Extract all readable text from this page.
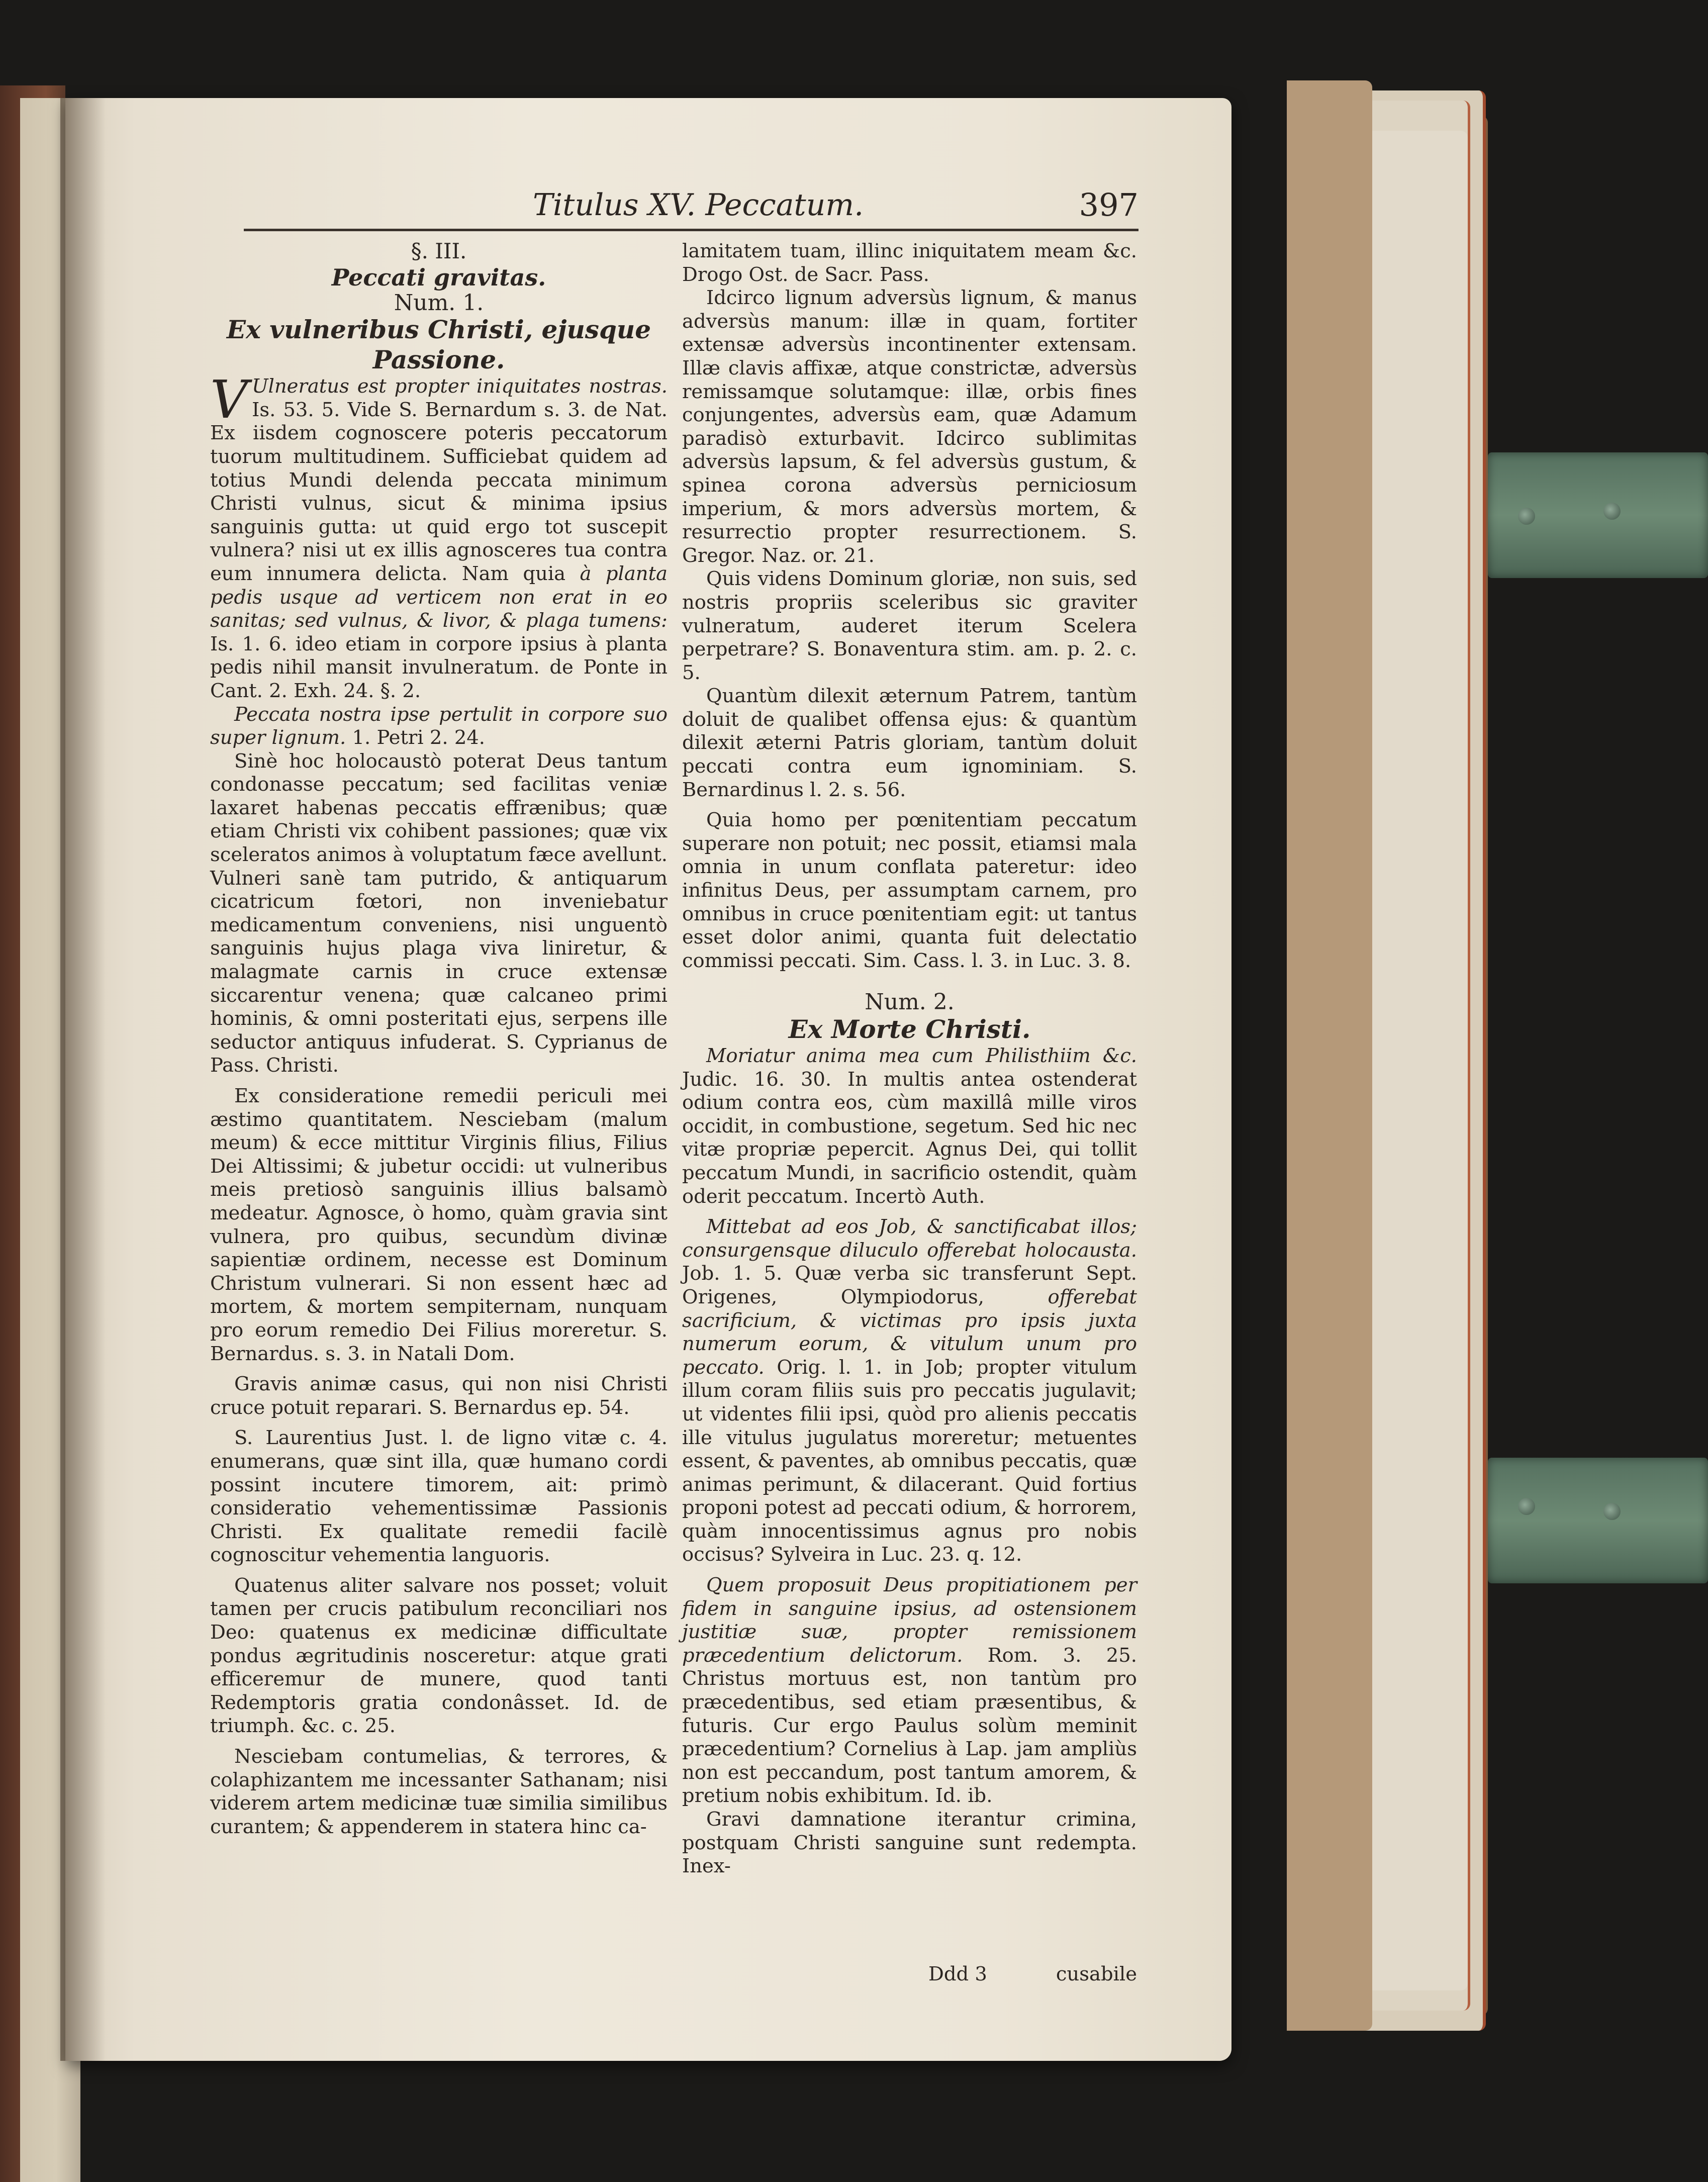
Titulus XV. Peccatum.	397

§. III.

Peccati gravitas.

Num. 1.

Ex vulneribus Christi, ejusque Passione.

V Ulneratus est propter iniquitates nostras. Is. 53. 5. Vide S. Bernardum s. 3. de Nat. Ex iisdem cognoscere poteris peccatorum tuorum multitudinem. Sufficiebat quidem ad totius Mundi delenda peccata minimum Christi vulnus, sicut & minima ipsius sanguinis gutta: ut quid ergo tot suscepit vulnera? nisi ut ex illis agnosceres tua contra eum innumera delicta. Nam quia à planta pedis usque ad verticem non erat in eo sanitas; sed vulnus, & livor, & plaga tumens: Is. 1. 6. ideo etiam in corpore ipsius à planta pedis nihil mansit invulneratum. de Ponte in Cant. 2. Exh. 24. §. 2.

Peccata nostra ipse pertulit in corpore suo super lignum. 1. Petri 2. 24.

Sinè hoc holocaustò poterat Deus tantum condonasse peccatum; sed facilitas veniæ laxaret habenas peccatis effrænibus; quæ etiam Christi vix cohibent passiones; quæ vix sceleratos animos à voluptatum fæce avellunt. Vulneri sanè tam putrido, & antiquarum cicatricum fœtori, non inveniebatur medicamentum conveniens, nisi unguentò sanguinis hujus plaga viva liniretur, & malagmate carnis in cruce extensæ siccarentur venena; quæ calcaneo primi hominis, & omni posteritati ejus, serpens ille seductor antiquus infuderat. S. Cyprianus de Pass. Christi.

Ex consideratione remedii periculi mei æstimo quantitatem. Nesciebam (malum meum) & ecce mittitur Virginis filius, Filius Dei Altissimi; & jubetur occidi: ut vulneribus meis pretiosò sanguinis illius balsamò medeatur. Agnosce, ò homo, quàm gravia sint vulnera, pro quibus, secundùm divinæ sapientiæ ordinem, necesse est Dominum Christum vulnerari. Si non essent hæc ad mortem, & mortem sempiternam, nunquam pro eorum remedio Dei Filius moreretur. S. Bernardus. s. 3. in Natali Dom.

Gravis animæ casus, qui non nisi Christi cruce potuit reparari. S. Bernardus ep. 54.

S. Laurentius Just. l. de ligno vitæ c. 4. enumerans, quæ sint illa, quæ humano cordi possint incutere timorem, ait: primò consideratio vehementissimæ Passionis Christi. Ex qualitate remedii facilè cognoscitur vehementia languoris.

Quatenus aliter salvare nos posset; voluit tamen per crucis patibulum reconciliari nos Deo: quatenus ex medicinæ difficultate pondus ægritudinis nosceretur: atque grati efficeremur de munere, quod tanti Redemptoris gratia condonâsset. Id. de triumph. &c. c. 25.

Nesciebam contumelias, & terrores, & colaphizantem me incessanter Sathanam; nisi viderem artem medicinæ tuæ similia similibus curantem; & appenderem in statera hinc ca-

lamitatem tuam, illinc iniquitatem meam &c. Drogo Ost. de Sacr. Pass.

Idcirco lignum adversùs lignum, & manus adversùs manum: illæ in quam, fortiter extensæ adversùs incontinenter extensam. Illæ clavis affixæ, atque constrictæ, adversùs remissamque solutamque: illæ, orbis fines conjungentes, adversùs eam, quæ Adamum paradisò exturbavit. Idcirco sublimitas adversùs lapsum, & fel adversùs gustum, & spinea corona adversùs perniciosum imperium, & mors adversùs mortem, & resurrectio propter resurrectionem. S. Gregor. Naz. or. 21.

Quis videns Dominum gloriæ, non suis, sed nostris propriis sceleribus sic graviter vulneratum, auderet iterum Scelera perpetrare? S. Bonaventura stim. am. p. 2. c. 5.

Quantùm dilexit æternum Patrem, tantùm doluit de qualibet offensa ejus: & quantùm dilexit æterni Patris gloriam, tantùm doluit peccati contra eum ignominiam. S. Bernardinus l. 2. s. 56.

Quia homo per pœnitentiam peccatum superare non potuit; nec possit, etiamsi mala omnia in unum conflata pateretur: ideo infinitus Deus, per assumptam carnem, pro omnibus in cruce pœnitentiam egit: ut tantus esset dolor animi, quanta fuit delectatio commissi peccati. Sim. Cass. l. 3. in Luc. 3. 8.

Num. 2.

Ex Morte Christi.

Moriatur anima mea cum Philisthiim &c. Judic. 16. 30. In multis antea ostenderat odium contra eos, cùm maxillâ mille viros occidit, in combustione, segetum. Sed hic nec vitæ propriæ pepercit. Agnus Dei, qui tollit peccatum Mundi, in sacrificio ostendit, quàm oderit peccatum. Incertò Auth.

Mittebat ad eos Job, & sanctificabat illos; consurgensque diluculo offerebat holocausta. Job. 1. 5. Quæ verba sic transferunt Sept. Origenes, Olympiodorus,	offerebat sacrificium, & victimas pro ipsis juxta numerum eorum, & vitulum unum pro peccato. Orig. l. 1. in Job; propter vitulum illum coram filiis suis pro peccatis jugulavit; ut videntes filii ipsi, quòd pro alienis peccatis ille vitulus jugulatus moreretur; metuentes essent, & paventes, ab omnibus peccatis, quæ animas perimunt, & dilacerant. Quid fortius proponi potest ad peccati odium, & horrorem, quàm innocentissimus agnus pro nobis occisus? Sylveira in Luc. 23. q. 12.

Quem proposuit Deus propitiationem per fidem in sanguine ipsius, ad ostensionem justitiæ suæ, propter remissionem præcedentium delictorum. Rom. 3. 25. Christus mortuus est, non tantùm pro præcedentibus, sed etiam præsentibus, & futuris. Cur ergo Paulus solùm meminit præcedentium? Cornelius à Lap. jam ampliùs non est peccandum, post tantum amorem, & pretium nobis exhibitum. Id. ib.

Gravi damnatione iterantur crimina, postquam Christi sanguine sunt redempta. Inex-

Ddd 3	cusabile
